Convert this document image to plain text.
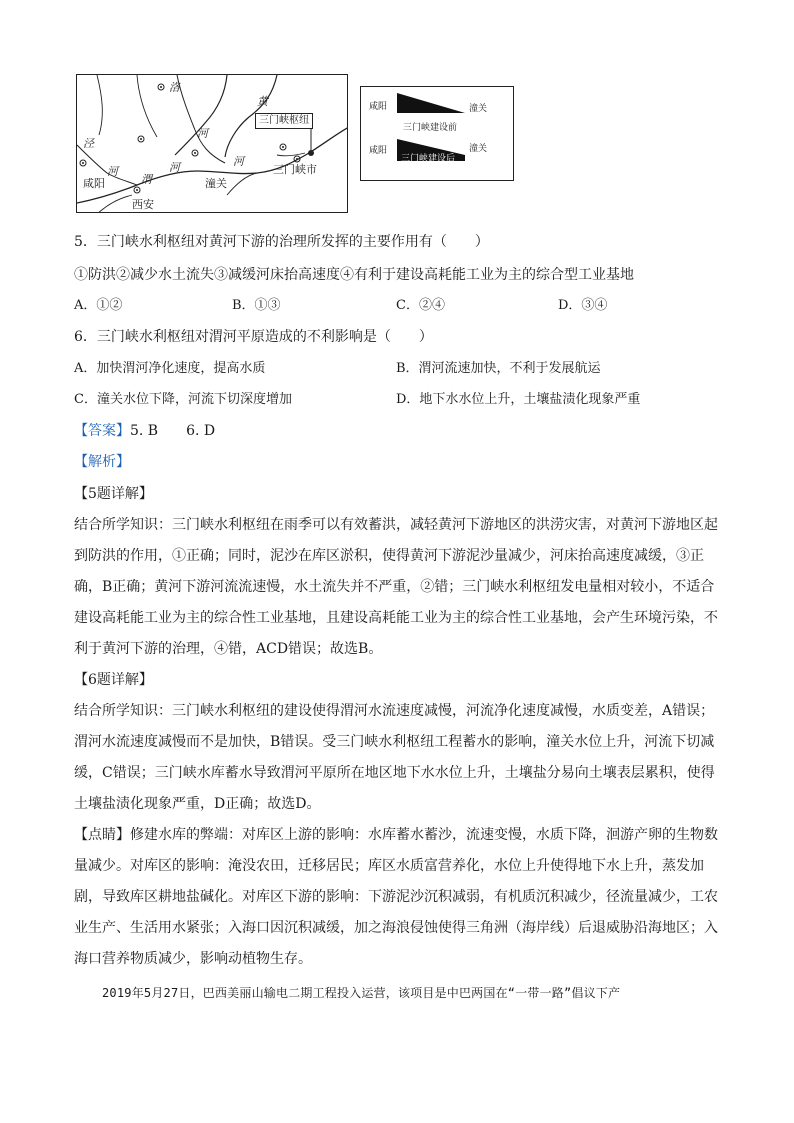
洛
黄
河
河	河
渭
河
泾
咸阳
西安
潼关
三门峡市
三门峡枢纽
咸阳	潼关
三门峡建设前
咸阳	潼关
三门峡建设后
5．三门峡水利枢纽对黄河下游的治理所发挥的主要作用有（　　）
①防洪②减少水土流失③减缓河床抬高速度④有利于建设高耗能工业为主的综合型工业基地
A．①②	B．①③	C．②④	D．③④
6．三门峡水利枢纽对渭河平原造成的不利影响是（　　）
A．加快渭河净化速度，提高水质	B．渭河流速加快，不利于发展航运
C．潼关水位下降，河流下切深度增加	D．地下水水位上升，土壤盐渍化现象严重
【答案】5. B　　6. D
【解析】
【5题详解】
结合所学知识：三门峡水利枢纽在雨季可以有效蓄洪，减轻黄河下游地区的洪涝灾害，对黄河下游地区起
到防洪的作用，①正确；同时，泥沙在库区淤积，使得黄河下游泥沙量减少，河床抬高速度减缓，③正
确，B正确；黄河下游河流流速慢，水土流失并不严重，②错；三门峡水利枢纽发电量相对较小，不适合
建设高耗能工业为主的综合性工业基地，且建设高耗能工业为主的综合性工业基地，会产生环境污染，不
利于黄河下游的治理，④错，ACD错误；故选B。
【6题详解】
结合所学知识：三门峡水利枢纽的建设使得渭河水流速度减慢，河流净化速度减慢，水质变差，A错误；
渭河水流速度减慢而不是加快，B错误。受三门峡水利枢纽工程蓄水的影响，潼关水位上升，河流下切减
缓，C错误；三门峡水库蓄水导致渭河平原所在地区地下水水位上升，土壤盐分易向土壤表层累积，使得
土壤盐渍化现象严重，D正确；故选D。
【点睛】修建水库的弊端：对库区上游的影响：水库蓄水蓄沙，流速变慢，水质下降，洄游产卵的生物数
量减少。对库区的影响：淹没农田，迁移居民；库区水质富营养化，水位上升使得地下水上升，蒸发加
剧，导致库区耕地盐碱化。对库区下游的影响：下游泥沙沉积减弱，有机质沉积减少，径流量减少，工农
业生产、生活用水紧张；入海口因沉积减缓，加之海浪侵蚀使得三角洲（海岸线）后退威胁沿海地区；入
海口营养物质减少，影响动植物生存。
2019年5月27日，巴西美丽山输电二期工程投入运营，该项目是中巴两国在“一带一路”倡议下产
